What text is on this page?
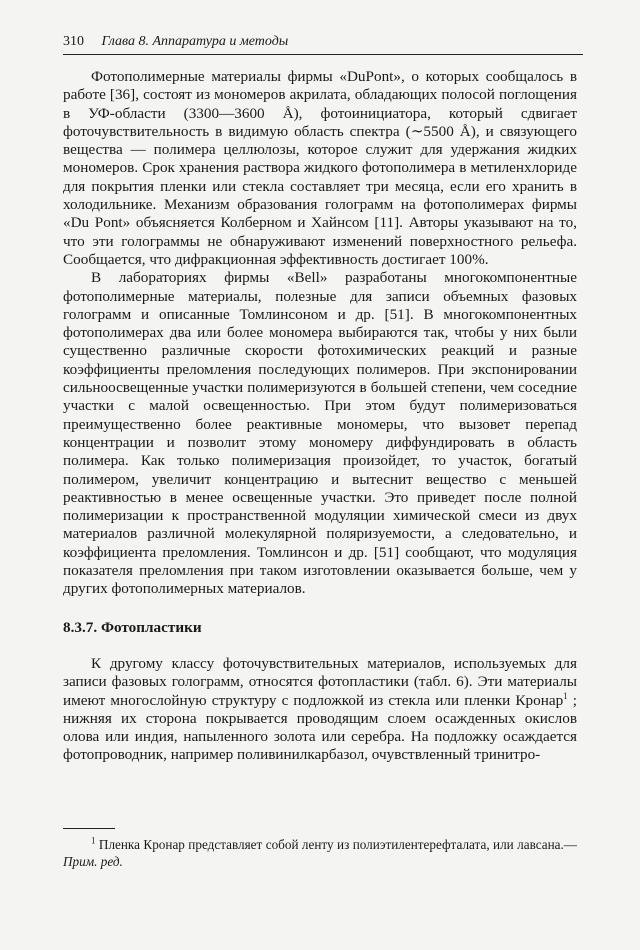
310 Глава 8. Аппаратура и методы

Фотополимерные материалы фирмы «DuPont», о которых сообщалось в работе [36], состоят из мономеров акрилата, обладающих полосой поглощения в УФ-области (3300—3600 Å), фотоинициатора, который сдвигает фоточувствительность в видимую область спектра (∼5500 Å), и связующего вещества — полимера целлюлозы, которое служит для удержания жидких мономеров. Срок хранения раствора жидкого фотополимера в метиленхлориде для покрытия пленки или стекла составляет три месяца, если его хранить в холодильнике. Механизм образования голограмм на фотополимерах фирмы «Du Pont» объясняется Колберном и Хайнсом [11]. Авторы указывают на то, что эти голограммы не обнаруживают изменений поверхностного рельефа. Сообщается, что дифракционная эффективность достигает 100%.

В лабораториях фирмы «Bell» разработаны многокомпонентные фотополимерные материалы, полезные для записи объемных фазовых голограмм и описанные Томлинсоном и др. [51]. В многокомпонентных фотополимерах два или более мономера выбираются так, чтобы у них были существенно различные скорости фотохимических реакций и разные коэффициенты преломления последующих полимеров. При экспонировании сильноосвещенные участки полимеризуются в большей степени, чем соседние участки с малой освещенностью. При этом будут полимеризоваться преимущественно более реактивные мономеры, что вызовет перепад концентрации и позволит этому мономеру диффундировать в область полимера. Как только полимеризация произойдет, то участок, богатый полимером, увеличит концентрацию и вытеснит вещество с меньшей реактивностью в менее освещенные участки. Это приведет после полной полимеризации к пространственной модуляции химической смеси из двух материалов различной молекулярной поляризуемости, а следовательно, и коэффициента преломления. Томлинсон и др. [51] сообщают, что модуляция показателя преломления при таком изготовлении оказывается больше, чем у других фотополимерных материалов.

8.3.7. Фотопластики

К другому классу фоточувствительных материалов, используемых для записи фазовых голограмм, относятся фотопластики (табл. 6). Эти материалы имеют многослойную структуру с подложкой из стекла или пленки Кронар$^1$ ; нижняя их сторона покрывается проводящим слоем осажденных окислов олова или индия, напыленного золота или серебра. На подложку осаждается фотопроводник, например поливинилкарбазол, очувствленный тринитро-

$^1$ Пленка Кронар представляет собой ленту из полиэтилентерефталата, или лавсана.— Прим. ред.
